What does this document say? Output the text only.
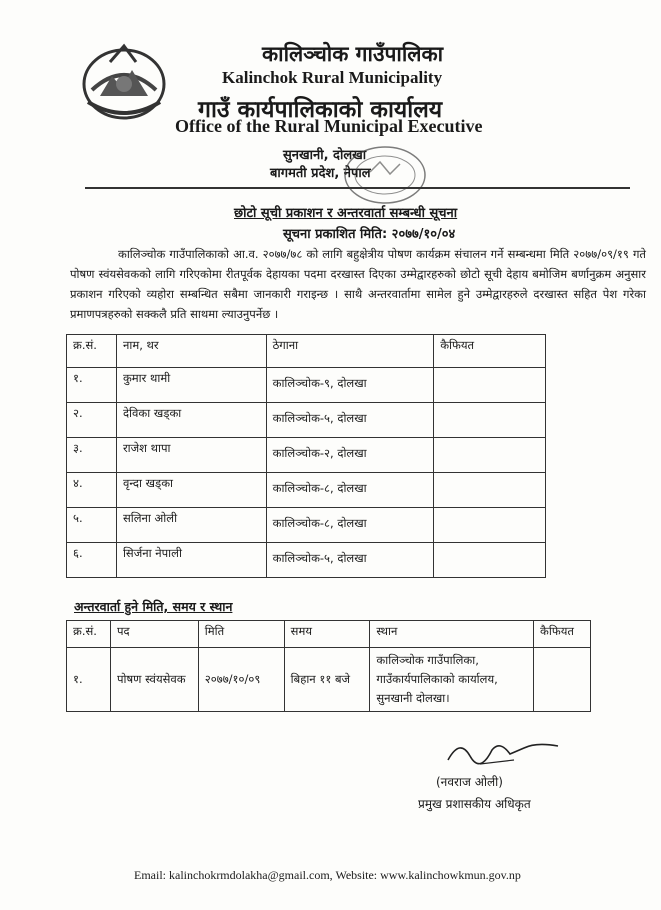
कालिञ्चोक गाउँपालिका
Kalinchok Rural Municipality
गाउँ कार्यपालिकाको कार्यालय
Office of the Rural Municipal Executive
सुनखानी, दोलखा
बागमती प्रदेश, नेपाल
छोटो सूची प्रकाशन र अन्तरवार्ता सम्बन्धी सूचना
सूचना प्रकाशित मिति: २०७७/१०/०४
कालिञ्चोक गाउँपालिकाको आ.व. २०७७/७८ को लागि बहुक्षेत्रीय पोषण कार्यक्रम संचालन गर्ने सम्बन्धमा मिति २०७७/०९/१९ गते पोषण स्वंयसेवकको लागि गरिएकोमा रीतपूर्वक देहायका पदमा दरखास्त दिएका उम्मेद्वारहरुको छोटो सूची देहाय बमोजिम बर्णानुक्रम अनुसार प्रकाशन गरिएको व्यहोरा सम्बन्धित सबैमा जानकारी गराइन्छ । साथै अन्तरवार्तामा सामेल हुने उम्मेद्वारहरुले दरखास्त सहित पेश गरेका प्रमाणपत्रहरुको सक्कलै प्रति साथमा ल्याउनुपर्नेछ ।
क्र.सं.	नाम, थर	ठेगाना	कैफियत
१.	कुमार थामी	कालिञ्चोक-९, दोलखा	

२.	देविका खड्का	कालिञ्चोक-५, दोलखा	

३.	राजेश थापा	कालिञ्चोक-२, दोलखा	

४.	वृन्दा खड्का	कालिञ्चोक-८, दोलखा	

५.	सलिना ओली	कालिञ्चोक-८, दोलखा	

६.	सिर्जना नेपाली	कालिञ्चोक-५, दोलखा	

अन्तरवार्ता हुने मिति, समय र स्थान
क्र.सं.	पद	मिति	समय	स्थान	कैफियत
१.	पोषण स्वंयसेवक	२०७७/१०/०९	बिहान ११ बजे	कालिञ्चोक गाउँपालिका,
गाउँकार्यपालिकाको कार्यालय,
सुनखानी दोलखा।	

(नवराज ओली)
प्रमुख प्रशासकीय अधिकृत
Email: kalinchokrmdolakha@gmail.com, Website: www.kalinchowkmun.gov.np
